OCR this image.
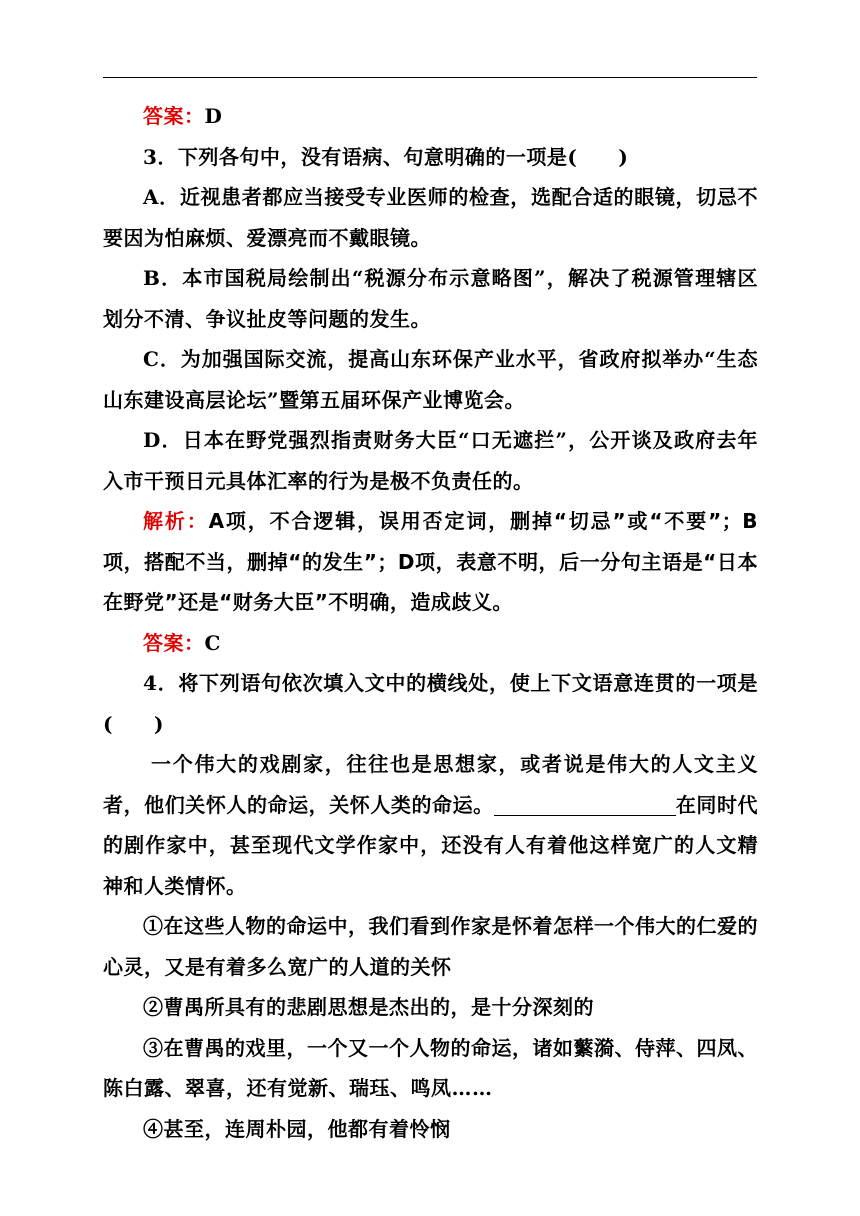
答案：D

3．下列各句中，没有语病、句意明确的一项是(　　)

A．近视患者都应当接受专业医师的检查，选配合适的眼镜，切忌不要因为怕麻烦、爱漂亮而不戴眼镜。

B．本市国税局绘制出“税源分布示意略图”，解决了税源管理辖区划分不清、争议扯皮等问题的发生。

C．为加强国际交流，提高山东环保产业水平，省政府拟举办“生态山东建设高层论坛”暨第五届环保产业博览会。

D．日本在野党强烈指责财务大臣“口无遮拦”，公开谈及政府去年入市干预日元具体汇率的行为是极不负责任的。

解析：A项，不合逻辑，误用否定词，删掉“切忌”或“不要”；B项，搭配不当，删掉“的发生”；D项，表意不明，后一分句主语是“日本在野党”还是“财务大臣”不明确，造成歧义。

答案：C

4．将下列语句依次填入文中的横线处，使上下文语意连贯的一项是(　　)

一个伟大的戏剧家，往往也是思想家，或者说是伟大的人文主义者，他们关怀人的命运，关怀人类的命运。	在同时代的剧作家中，甚至现代文学作家中，还没有人有着他这样宽广的人文精神和人类情怀。

①在这些人物的命运中，我们看到作家是怀着怎样一个伟大的仁爱的心灵，又是有着多么宽广的人道的关怀

②曹禺所具有的悲剧思想是杰出的，是十分深刻的

③在曹禺的戏里，一个又一个人物的命运，诸如蘩漪、侍萍、四凤、陈白露、翠喜，还有觉新、瑞珏、鸣凤……

④甚至，连周朴园，他都有着怜悯
